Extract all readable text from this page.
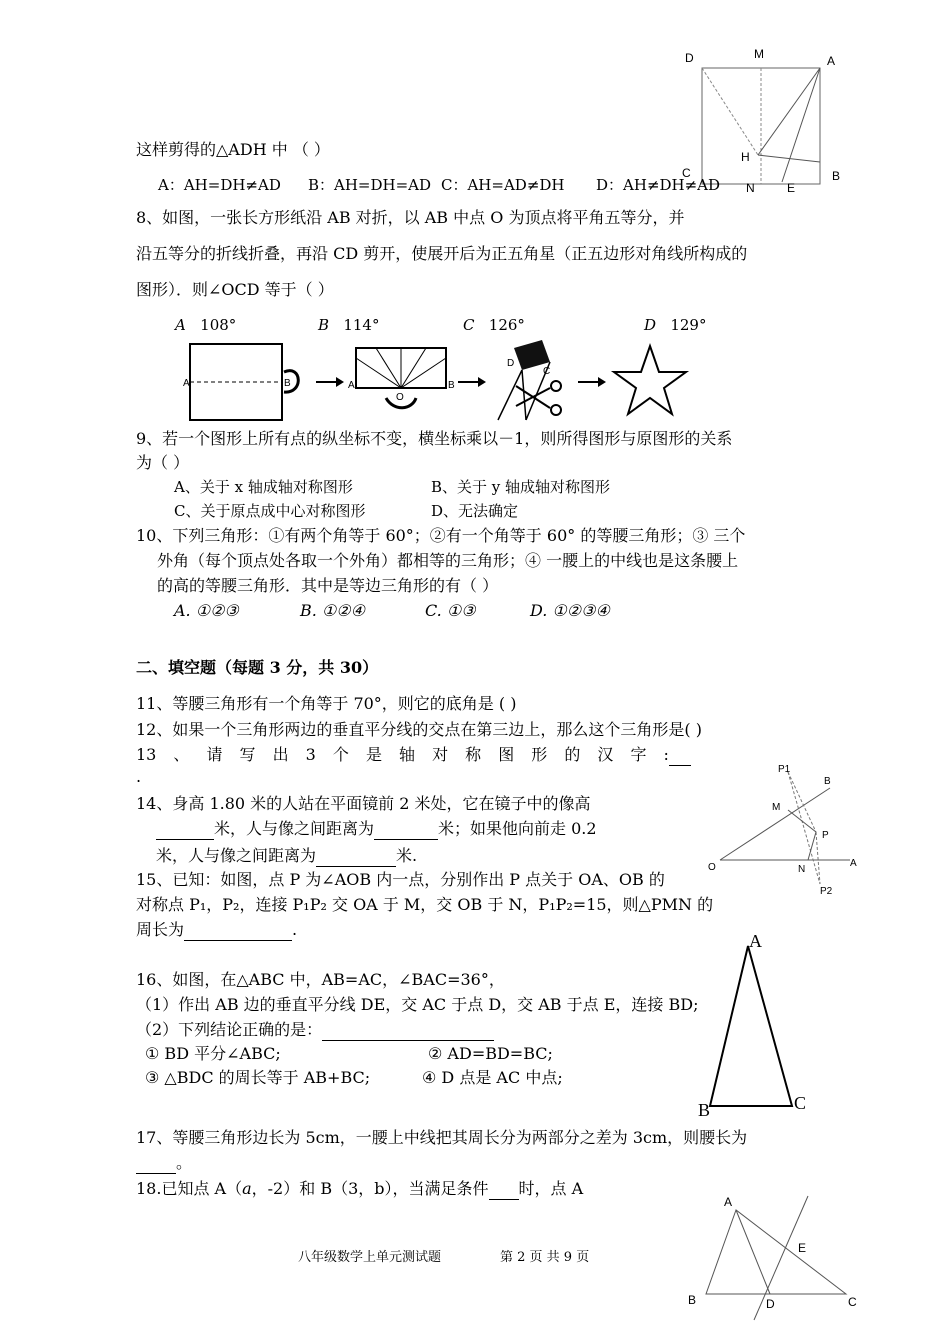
D	M	A
H
C
N	E
B
这样剪得的△ADH 中 （ ）
A：AH=DH≠AD B：AH=DH=AD C：AH=AD≠DH D：AH≠DH≠AD
8、如图，一张长方形纸沿 AB 对折，以 AB 中点 O 为顶点将平角五等分，并
沿五等分的折线折叠，再沿 CD 剪开，使展开后为正五角星（正五边形对角线所构成的
图形）．则∠OCD 等于（ ）
A 108°	B 114°	C 126°	D 129°
A	B	A	B
O
D
C
9、若一个图形上所有点的纵坐标不变，横坐标乘以－1，则所得图形与原图形的关系
为（ ）
A、关于 x 轴成轴对称图形	B、关于 y 轴成轴对称图形
C、关于原点成中心对称图形	D、无法确定
10、下列三角形：①有两个角等于 60°；②有一个角等于 60° 的等腰三角形；③ 三个
外角（每个顶点处各取一个外角）都相等的三角形；④ 一腰上的中线也是这条腰上
的高的等腰三角形．其中是等边三角形的有（ ）
A. ①②③	B. ①②④	C. ①③	D. ①②③④
二、填空题（每题 3 分，共 30）
11、等腰三角形有一个角等于 70°，则它的底角是 ( )
12、如果一个三角形两边的垂直平分线的交点在第三边上，那么这个三角形是( )
13 、 请 写 出 3 个 是 轴 对 称 图 形 的 汉 字 :
.	P1
B
M
P
O	N
A
P2
14、身高 1.80 米的人站在平面镜前 2 米处，它在镜子中的像高
米，人与像之间距离为	米；如果他向前走 0.2
米，人与像之间距离为	米.
15、已知：如图，点 P 为∠AOB 内一点，分别作出 P 点关于 OA、OB 的
对称点 P₁，P₂，连接 P₁P₂ 交 OA 于 M，交 OB 于 N，P₁P₂=15，则△PMN 的
周长为	.
A
B	C
16、如图，在△ABC 中，AB=AC，∠BAC=36°，
（1）作出 AB 边的垂直平分线 DE，交 AC 于点 D，交 AB 于点 E，连接 BD;
（2）下列结论正确的是：
① BD 平分∠ABC;	② AD=BD=BC;
③ △BDC 的周长等于 AB+BC;	④ D 点是 AC 中点;
17、等腰三角形边长为 5cm，一腰上中线把其周长分为两部分之差为 3cm，则腰长为
。
18.已知点 A（a，-2）和 B（3，b），当满足条件 时，点 A
A
E
B	D	C
八年级数学上单元测试题	第 2 页 共 9 页
